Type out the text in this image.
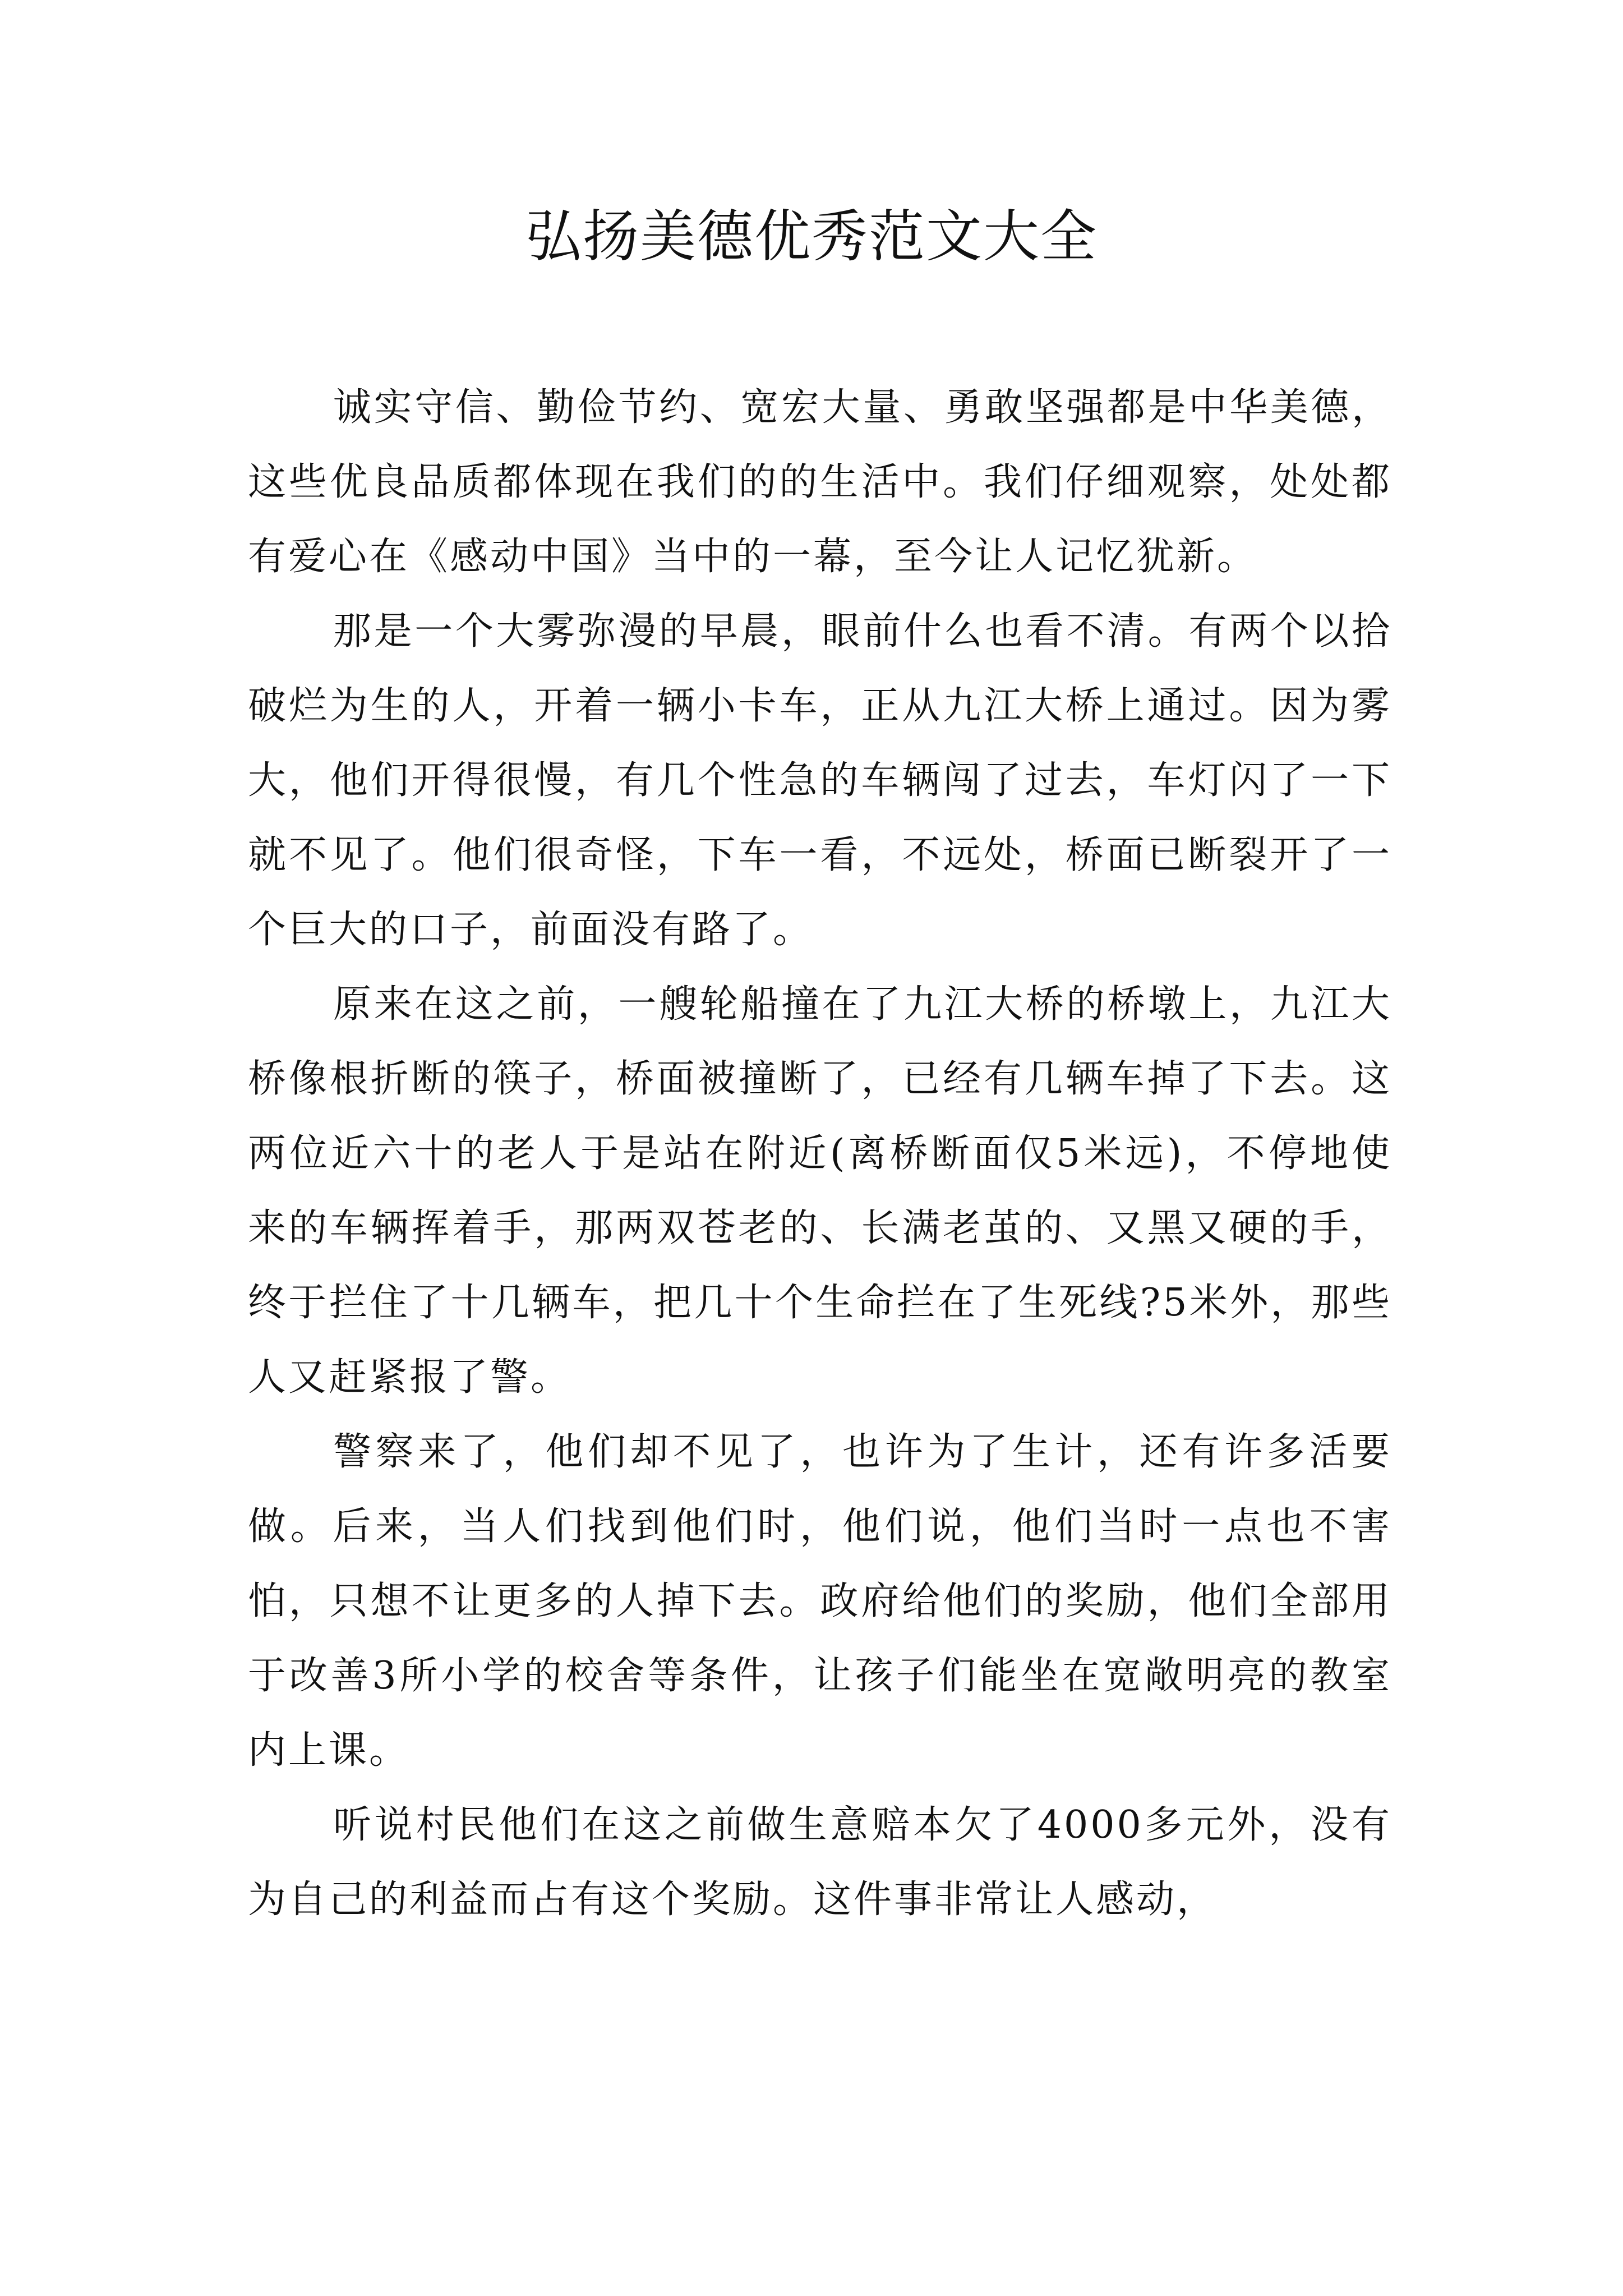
弘扬美德优秀范文大全

诚实守信、勤俭节约、宽宏大量、勇敢坚强都是中华美德，这些优良品质都体现在我们的的生活中。我们仔细观察，处处都有爱心在《感动中国》当中的一幕，至今让人记忆犹新。

那是一个大雾弥漫的早晨，眼前什么也看不清。有两个以拾破烂为生的人，开着一辆小卡车，正从九江大桥上通过。因为雾大，他们开得很慢，有几个性急的车辆闯了过去，车灯闪了一下就不见了。他们很奇怪，下车一看，不远处，桥面已断裂开了一个巨大的口子，前面没有路了。

原来在这之前，一艘轮船撞在了九江大桥的桥墩上，九江大桥像根折断的筷子，桥面被撞断了，已经有几辆车掉了下去。这两位近六十的老人于是站在附近(离桥断面仅5米远)，不停地使来的车辆挥着手，那两双苍老的、长满老茧的、又黑又硬的手，终于拦住了十几辆车，把几十个生命拦在了生死线?5米外，那些人又赶紧报了警。

警察来了，他们却不见了，也许为了生计，还有许多活要做。后来，当人们找到他们时，他们说，他们当时一点也不害怕，只想不让更多的人掉下去。政府给他们的奖励，他们全部用于改善3所小学的校舍等条件，让孩子们能坐在宽敞明亮的教室内上课。

听说村民他们在这之前做生意赔本欠了4000多元外，没有为自己的利益而占有这个奖励。这件事非常让人感动，
